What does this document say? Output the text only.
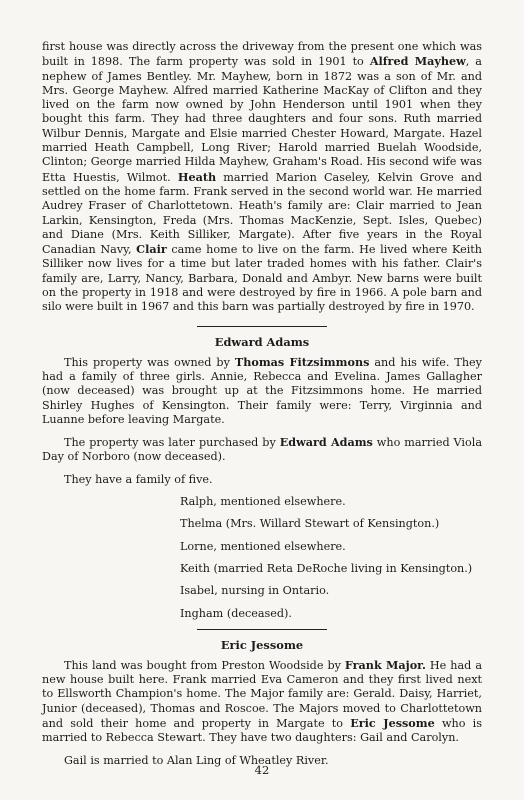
first house was directly across the driveway from the present one which was built in 1898. The farm property was sold in 1901 to Alfred Mayhew, a nephew of James Bentley. Mr. Mayhew, born in 1872 was a son of Mr. and Mrs. George Mayhew. Alfred married Katherine MacKay of Clifton and they lived on the farm now owned by John Henderson until 1901 when they bought this farm. They had three daughters and four sons. Ruth married Wilbur Dennis, Margate and Elsie married Chester Howard, Margate. Hazel married Heath Campbell, Long River; Harold married Buelah Woodside, Clinton; George married Hilda Mayhew, Graham's Road. His second wife was Etta Huestis, Wilmot. Heath married Marion Caseley, Kelvin Grove and settled on the home farm. Frank served in the second world war. He married Audrey Fraser of Charlottetown. Heath's family are: Clair married to Jean Larkin, Kensington, Freda (Mrs. Thomas MacKenzie, Sept. Isles, Quebec) and Diane (Mrs. Keith Silliker, Margate). After five years in the Royal Canadian Navy, Clair came home to live on the farm. He lived where Keith Silliker now lives for a time but later traded homes with his father. Clair's family are, Larry, Nancy, Barbara, Donald and Ambyr. New barns were built on the property in 1918 and were destroyed by fire in 1966. A pole barn and silo were built in 1967 and this barn was partially destroyed by fire in 1970.

Edward Adams

This property was owned by Thomas Fitzsimmons and his wife. They had a family of three girls. Annie, Rebecca and Evelina. James Gallagher (now deceased) was brought up at the Fitzsimmons home. He married Shirley Hughes of Kensington. Their family were: Terry, Virginnia and Luanne before leaving Margate.

The property was later purchased by Edward Adams who married Viola Day of Norboro (now deceased).

They have a family of five.

Ralph, mentioned elsewhere.

Thelma (Mrs. Willard Stewart of Kensington.)

Lorne, mentioned elsewhere.

Keith (married Reta DeRoche living in Kensington.)

Isabel, nursing in Ontario.

Ingham (deceased).

Eric Jessome

This land was bought from Preston Woodside by Frank Major. He had a new house built here. Frank married Eva Cameron and they first lived next to Ellsworth Champion's home. The Major family are: Gerald. Daisy, Harriet, Junior (deceased), Thomas and Roscoe. The Majors moved to Charlottetown and sold their home and property in Margate to Eric Jessome who is married to Rebecca Stewart. They have two daughters: Gail and Carolyn.

Gail is married to Alan Ling of Wheatley River.

42
